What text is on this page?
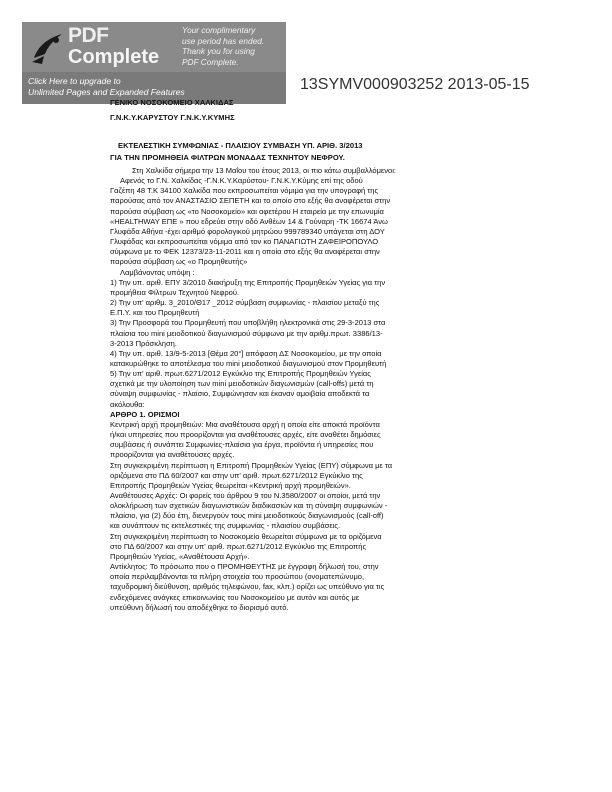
PDF
Complete
Your complimentary
use period has ended.
Thank you for using
PDF Complete.
Click Here to upgrade to
Unlimited Pages and Expanded Features	13SYMV000903252 2013-05-15
ΓΕΝΙΚΟ ΝΟΣΟΚΟΜΕΙΟ ΧΑΛΚΙΔΑΣ
Γ.Ν.Κ.Υ.ΚΑΡΥΣΤΟΥ Γ.Ν.Κ.Υ.ΚΥΜΗΣ
ΕΚΤΕΛΕΣΤΙΚΗ ΣΥΜΦΩΝΙΑΣ - ΠΛΑΙΣΙΟΥ ΣΥΜΒΑΣΗ ΥΠ. ΑΡΙΘ. 3/2013
ΓΙΑ ΤΗΝ ΠΡΟΜΗΘΕΙΑ ΦΙΛΤΡΩΝ ΜΟΝΑΔΑΣ ΤΕΧΝΗΤΟΥ ΝΕΦΡΟΥ.

Στη Χαλκίδα σήμερα την 13 Μαΐου του έτους 2013, οι πιο κάτω συμβαλλόμενοι:

Αφενός το Γ.Ν. Χαλκίδας -Γ.Ν.Κ.Υ.Καρύστου- Γ.Ν.Κ.Υ.Κύμης επί της οδού

Γαζέπη 48 Τ.Κ 34100 Χαλκίδα που εκπροσωπείται νόμιμα για την υπογραφή της

παρούσας από τον ΑΝΑΣΤΑΣΙΟ ΣΕΠΕΤΗ και το οποίο στο εξής θα αναφέρεται στην

παρούσα σύμβαση ως «το Νοσοκομείο» και αφετέρου Η εταιρεία με την επωνυμία

«HEALTHWAY ΕΠΕ » που εδρεύει στην οδό Ανθέων 14 & Γούναρη -ΤΚ 16674 Άνω

Γλυφάδα Αθήνα -έχει αριθμό φορολογικού μητρώου 999789340 υπάγεται στη ΔΟΥ

Γλυφάδας και εκπροσωπείται νόμιμα από τον κο ΠΑΝΑΓΙΩΤΗ ΖΑΦΕΙΡΟΠΟΥΛΟ

σύμφωνα με το ΦΕΚ 12373/23-11-2011 και η οποία στο εξής θα αναφέρεται στην

παρούσα σύμβαση ως «ο Προμηθευτής»

Λαμβάνοντας υπόψη :

1) Την υπ. αριθ. ΕΠΥ 3/2010 διακήρυξη της Επιτροπής Προμηθειών Υγείας για την

προμήθεια Φίλτρων Τεχνητού Νεφρού.

2) Την υπ' αριθμ. 3_2010/Θ17 _2012 σύμβαση συμφωνίας - πλαισίου μεταξύ της

Ε.Π.Υ. και του Προμηθευτή

3) Την Προσφορά του Προμηθευτή που υποβλήθη ηλεκτρονικά στις 29-3-2013 στα

πλαίσια του mini μειοδοτικού διαγωνισμού σύμφωνα με την αριθμ.πρωτ. 3386/13-

3-2013 Πρόσκληση.

4) Την υπ. αριθ. 13/9-5-2013 [Θέμα 20°] απόφαση ΔΣ Νοσοκομείου, με την οποία

κατακυρώθηκε το αποτέλεσμα του mini μειοδοτικού διαγωνισμού στον Προμηθευτή

5) Την υπ' αριθ. πρωτ.6271/2012 Εγκύκλιο της Επιτροπής Προμηθειών Υγείας

σχετικά με την υλοποίηση των mini μειοδοτικών διαγωνισμών (call-offs) μετά τη

σύναψη συμφωνίας - πλαίσιο, Συμφώνησαν και έκαναν αμοιβαία αποδεκτά τα

ακόλουθα:

ΑΡΘΡΟ 1. ΟΡΙΣΜΟΙ

Κεντρική αρχή προμηθειών: Μια αναθέτουσα αρχή η οποία είτε αποκτά προϊόντα

ή/και υπηρεσίες που προορίζονται για αναθέτουσες αρχές, είτε αναθέτει δημόσιες

συμβάσεις ή συνάπτει Συμφωνίες-πλαίσια για έργα, προϊόντα ή υπηρεσίες που

προορίζονται για αναθέτουσες αρχές.

Στη συγκεκριμένη περίπτωση η Επιτροπή Προμηθειών Υγείας (ΕΠΥ) σύμφωνα με τα

οριζόμενα στο ΠΔ 60/2007 και στην υπ' αριθ. πρωτ.6271/2012 Εγκύκλιο της

Επιτροπής Προμηθειών Υγείας θεωρείται «Κεντρική αρχή προμηθειών».

Αναθέτουσες Αρχές: Οι φορείς του άρθρου 9 του Ν.3580/2007 οι οποίοι, μετά την

ολοκλήρωση των σχετικών διαγωνιστικών διαδικασιών και τη σύναψη συμφωνιών -

πλαίσιο, για (2) δύο έτη, διενεργούν τους mini μειοδοτικούς διαγωνισμούς (call-off)

και συνάπτουν τις εκτελεστικές της συμφωνίας - πλαισίου συμβάσεις.

Στη συγκεκριμένη περίπτωση το Νοσοκομείο θεωρείται σύμφωνα με τα οριζόμενα

στο ΠΔ 60/2007 και στην υπ' αριθ. πρωτ.6271/2012 Εγκύκλιο της Επιτροπής

Προμηθειών Υγείας, «Αναθέτουσα Αρχή».

Αντίκλητος: Το πρόσωπο που ο ΠΡΟΜΗΘΕΥΤΗΣ με έγγραφη δήλωσή του, στην

οποία περιλαμβάνονται τα πλήρη στοιχεία του προσώπου (ονοματεπώνυμο,

ταχυδρομική διεύθυνση, αριθμός τηλεφώνου, fax, κλπ.) ορίζει ως υπεύθυνο για τις

ενδεχόμενες ανάγκες επικοινωνίας του Νοσοκομείου με αυτόν και αυτός με

υπεύθυνη δήλωσή του αποδέχθηκε το διορισμό αυτό.
